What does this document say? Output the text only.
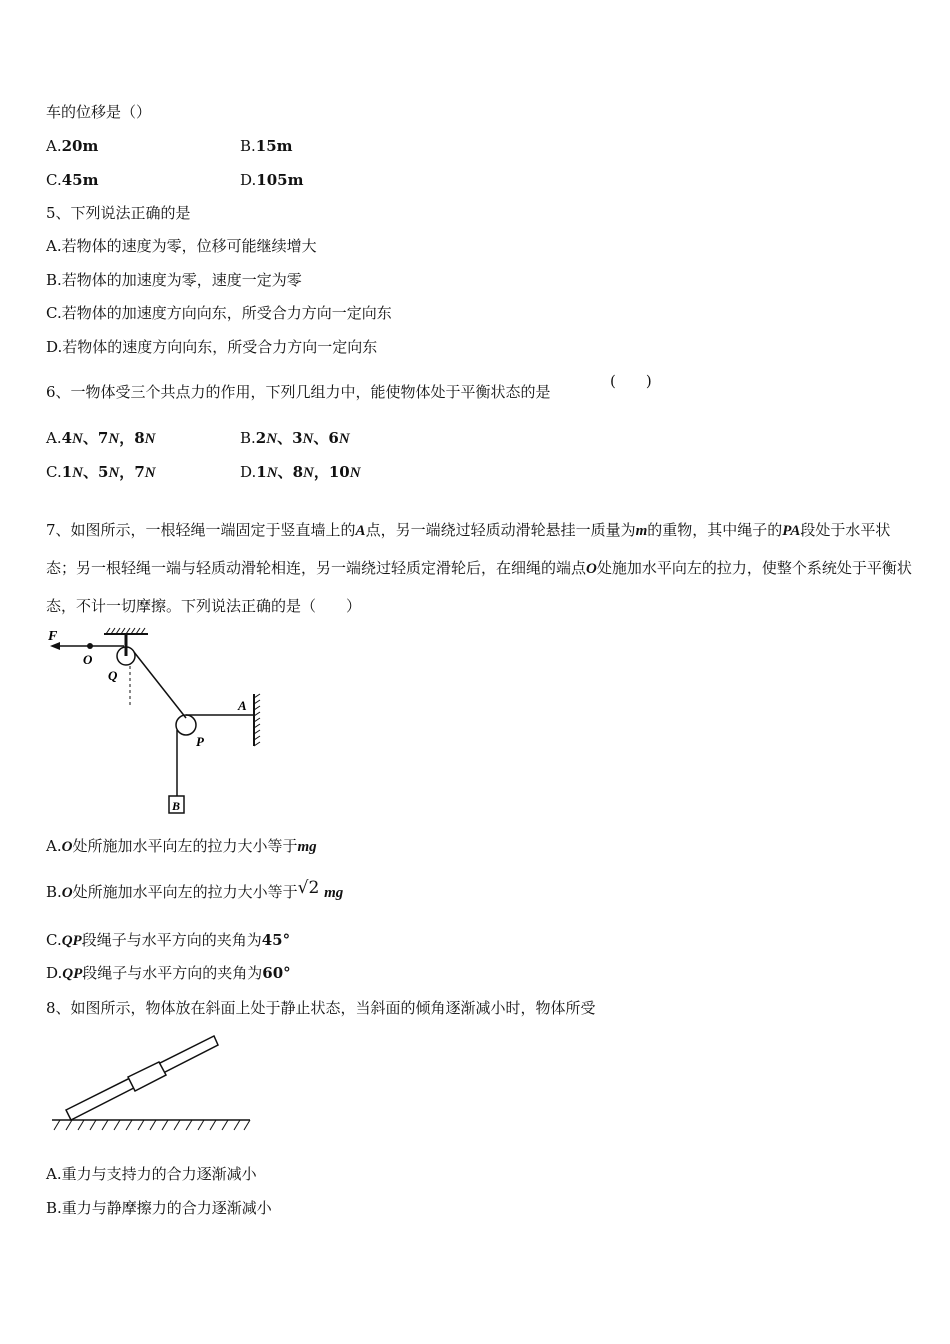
车的位移是（）
A.20m	B.15m
C.45m	D.105m
5、下列说法正确的是
A.若物体的速度为零，位移可能继续增大
B.若物体的加速度为零，速度一定为零
C.若物体的加速度方向向东，所受合力方向一定向东
D.若物体的速度方向向东，所受合力方向一定向东
6、一物体受三个共点力的作用，下列几组力中，能使物体处于平衡状态的是
(　　)
A.4N、7N，8N	B.2N、3N、6N
C.1N、5N，7N	D.1N、8N，10N
7、如图所示，一根轻绳一端固定于竖直墙上的A点，另一端绕过轻质动滑轮悬挂一质量为m的重物，其中绳子的PA段处于水平状态；另一根轻绳一端与轻质动滑轮相连，另一端绕过轻质定滑轮后，在细绳的端点O处施加水平向左的拉力，使整个系统处于平衡状态，不计一切摩擦。下列说法正确的是（　　）
F
O
Q
P
A
B
A.O处所施加水平向左的拉力大小等于mg
B.O处所施加水平向左的拉力大小等于√2 mg
C.QP段绳子与水平方向的夹角为45°
D.QP段绳子与水平方向的夹角为60°
8、如图所示，物体放在斜面上处于静止状态，当斜面的倾角逐渐减小时，物体所受
A.重力与支持力的合力逐渐减小
B.重力与静摩擦力的合力逐渐减小
